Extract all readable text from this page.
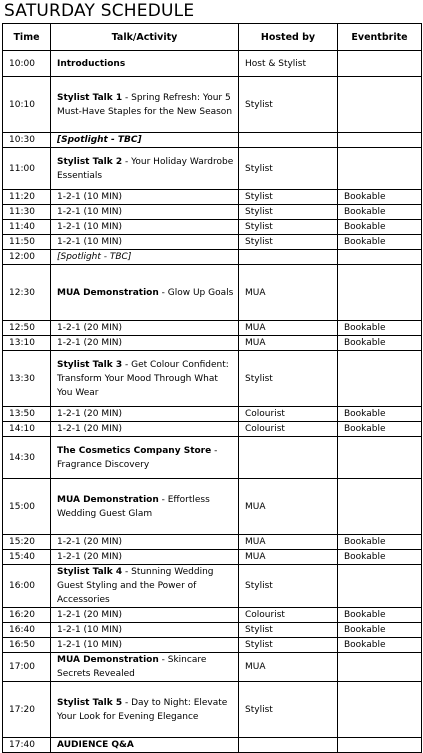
SATURDAY SCHEDULE
Time	Talk/Activity	Hosted by	Eventbrite
10:00	Introductions	Host & Stylist	
10:10	Stylist Talk 1 - Spring Refresh: Your 5 Must-Have Staples for the New Season	Stylist	
10:30	[Spotlight - TBC]		
11:00	Stylist Talk 2 - Your Holiday Wardrobe Essentials	Stylist	
11:20	1-2-1 (10 MIN)	Stylist	Bookable
11:30	1-2-1 (10 MIN)	Stylist	Bookable
11:40	1-2-1 (10 MIN)	Stylist	Bookable
11:50	1-2-1 (10 MIN)	Stylist	Bookable
12:00	[Spotlight - TBC]		
12:30	MUA Demonstration - Glow Up Goals	MUA	
12:50	1-2-1 (20 MIN)	MUA	Bookable
13:10	1-2-1 (20 MIN)	MUA	Bookable
13:30	Stylist Talk 3 - Get Colour Confident: Transform Your Mood Through What You Wear	Stylist	
13:50	1-2-1 (20 MIN)	Colourist	Bookable
14:10	1-2-1 (20 MIN)	Colourist	Bookable
14:30	The Cosmetics Company Store - Fragrance Discovery		
15:00	MUA Demonstration - Effortless Wedding Guest Glam	MUA	
15:20	1-2-1 (20 MIN)	MUA	Bookable
15:40	1-2-1 (20 MIN)	MUA	Bookable
16:00	Stylist Talk 4 - Stunning Wedding Guest Styling and the Power of Accessories	Stylist	
16:20	1-2-1 (20 MIN)	Colourist	Bookable
16:40	1-2-1 (10 MIN)	Stylist	Bookable
16:50	1-2-1 (10 MIN)	Stylist	Bookable
17:00	MUA Demonstration - Skincare Secrets Revealed	MUA	
17:20	Stylist Talk 5 - Day to Night: Elevate Your Look for Evening Elegance	Stylist	
17:40	AUDIENCE Q&A		
